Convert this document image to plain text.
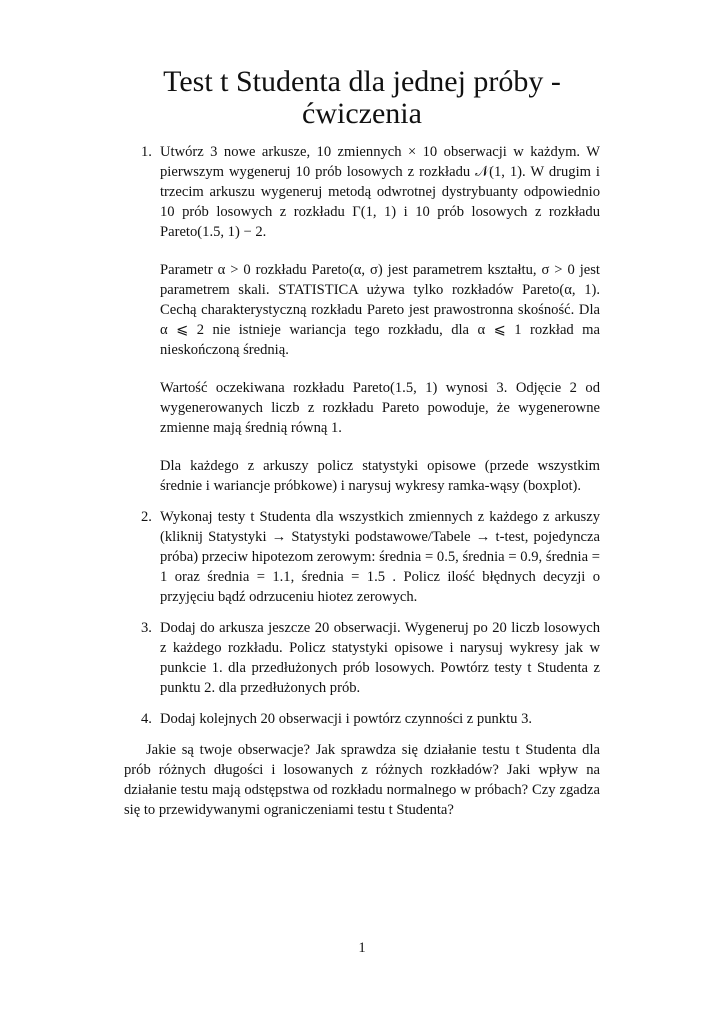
Test t Studenta dla jednej próby - ćwiczenia
1. Utwórz 3 nowe arkusze, 10 zmiennych × 10 obserwacji w każdym. W pierwszym wygeneruj 10 prób losowych z rozkładu 𝒩(1, 1). W drugim i trzecim arkuszu wygeneruj metodą odwrotnej dystrybuanty odpowiednio 10 prób losowych z rozkładu Γ(1, 1) i 10 prób losowych z rozkładu Pareto(1.5, 1) − 2.

Parametr α > 0 rozkładu Pareto(α, σ) jest parametrem kształtu, σ > 0 jest parametrem skali. STATISTICA używa tylko rozkładów Pareto(α, 1). Cechą charakterystyczną rozkładu Pareto jest prawostronna skośność. Dla α ⩽ 2 nie istnieje wariancja tego rozkładu, dla α ⩽ 1 rozkład ma nieskończoną średnią.

Wartość oczekiwana rozkładu Pareto(1.5, 1) wynosi 3. Odjęcie 2 od wygenerowanych liczb z rozkładu Pareto powoduje, że wygenerowne zmienne mają średnią równą 1.

Dla każdego z arkuszy policz statystyki opisowe (przede wszystkim średnie i wariancje próbkowe) i narysuj wykresy ramka-wąsy (boxplot).

2. Wykonaj testy t Studenta dla wszystkich zmiennych z każdego z arkuszy (kliknij Statystyki → Statystyki podstawowe/Tabele → t-test, pojedyncza próba) przeciw hipotezom zerowym: średnia = 0.5, średnia = 0.9, średnia = 1 oraz średnia = 1.1, średnia = 1.5 . Policz ilość błędnych decyzji o przyjęciu bądź odrzuceniu hiotez zerowych.

3. Dodaj do arkusza jeszcze 20 obserwacji. Wygeneruj po 20 liczb losowych z każdego rozkładu. Policz statystyki opisowe i narysuj wykresy jak w punkcie 1. dla przedłużonych prób losowych. Powtórz testy t Studenta z punktu 2. dla przedłużonych prób.

4. Dodaj kolejnych 20 obserwacji i powtórz czynności z punktu 3.

Jakie są twoje obserwacje? Jak sprawdza się działanie testu t Studenta dla prób różnych długości i losowanych z różnych rozkładów? Jaki wpływ na działanie testu mają odstępstwa od rozkładu normalnego w próbach? Czy zgadza się to przewidywanymi ograniczeniami testu t Studenta?

1
